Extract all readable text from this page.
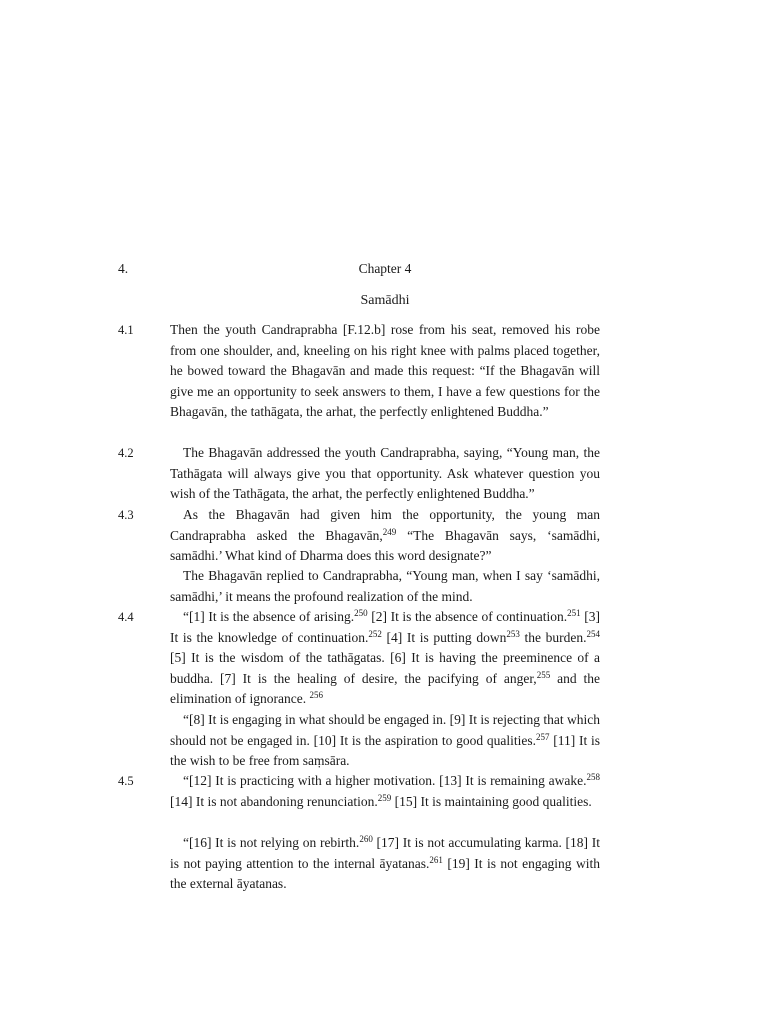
4.	Chapter 4
Samādhi
4.1	Then the youth Candraprabha [F.12.b] rose from his seat, removed his robe from one shoulder, and, kneeling on his right knee with palms placed together, he bowed toward the Bhagavān and made this request: “If the Bhagavān will give me an opportunity to seek answers to them, I have a few questions for the Bhagavān, the tathāgata, the arhat, the perfectly enlightened Buddha.”

4.2	The Bhagavān addressed the youth Candraprabha, saying, “Young man, the Tathāgata will always give you that opportunity. Ask whatever question you wish of the Tathāgata, the arhat, the perfectly enlightened Buddha.”

4.3	As the Bhagavān had given him the opportunity, the young man Candraprabha asked the Bhagavān,$^{249}$ “The Bhagavān says, ‘samādhi, samādhi.’ What kind of Dharma does this word designate?”

The Bhagavān replied to Candraprabha, “Young man, when I say ‘samādhi, samādhi,’ it means the profound realization of the mind.

4.4	“[1] It is the absence of arising.$^{250}$ [2] It is the absence of continuation.$^{251}$ [3] It is the knowledge of continuation.$^{252}$ [4] It is putting down$^{253}$ the burden.$^{254}$ [5] It is the wisdom of the tathāgatas. [6] It is having the preeminence of a buddha. [7] It is the healing of desire, the pacifying of anger,$^{255}$ and the elimination of ignorance. $^{256}$

“[8] It is engaging in what should be engaged in. [9] It is rejecting that which should not be engaged in. [10] It is the aspiration to good qualities.$^{257}$ [11] It is the wish to be free from saṃsāra.

4.5	“[12] It is practicing with a higher motivation. [13] It is remaining awake.$^{258}$ [14] It is not abandoning renunciation.$^{259}$ [15] It is maintaining good qualities.

“[16] It is not relying on rebirth.$^{260}$ [17] It is not accumulating karma. [18] It is not paying attention to the internal āyatanas.$^{261}$ [19] It is not engaging with the external āyatanas.
